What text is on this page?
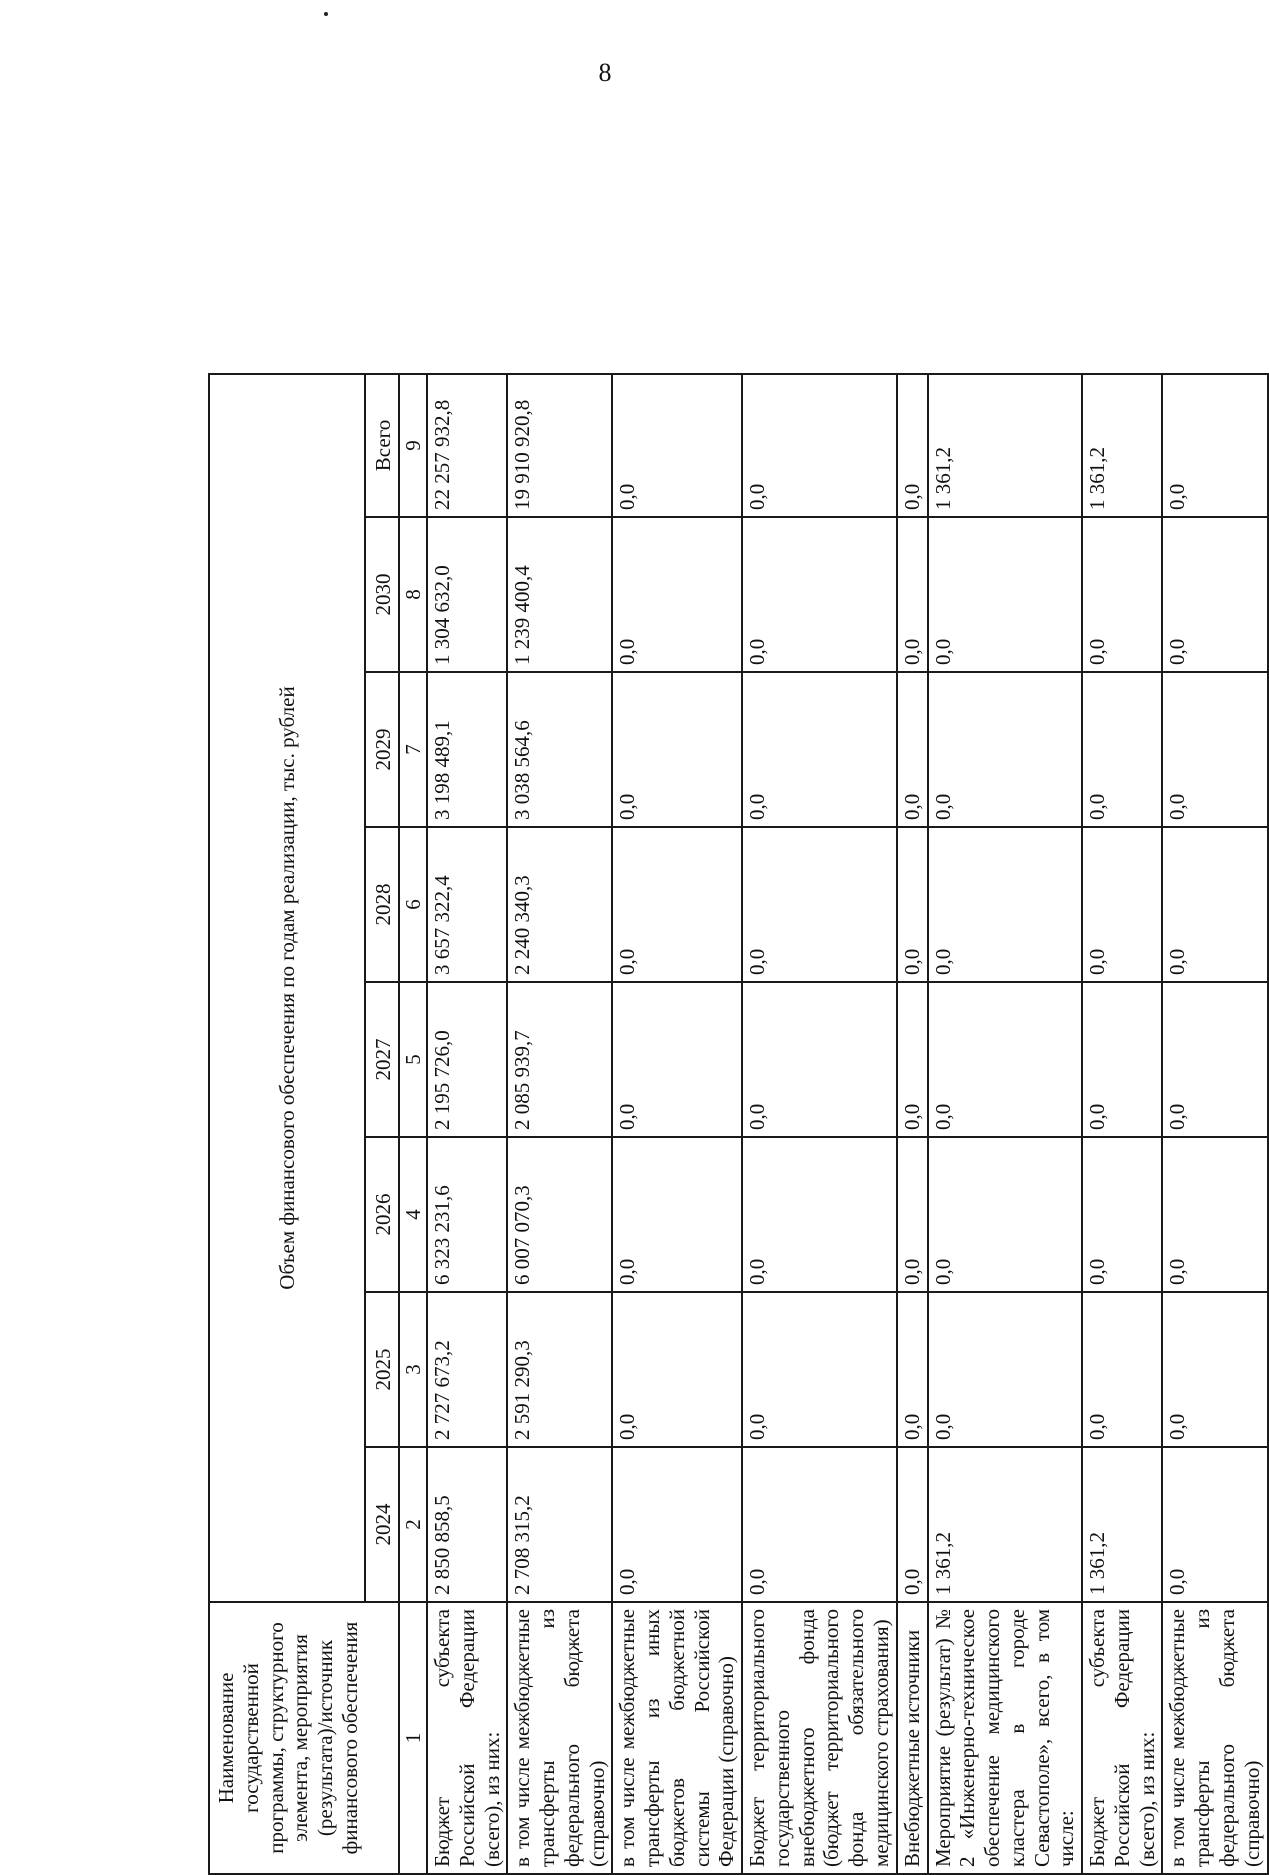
8
Наименование государственной программы, структурного элемента, мероприятия (результата)/источник финансового обеспечения	Объем финансового обеспечения по годам реализации, тыс. рублей							
	2024	2025	2026	2027	2028	2029	2030	Всего
1	2	3	4	5	6	7	8	9
Бюджет субъекта Российской Федерации (всего), из них:	2 850 858,5	2 727 673,2	6 323 231,6	2 195 726,0	3 657 322,4	3 198 489,1	1 304 632,0	22 257 932,8
в том числе межбюджетные трансферты из федерального бюджета (справочно)	2 708 315,2	2 591 290,3	6 007 070,3	2 085 939,7	2 240 340,3	3 038 564,6	1 239 400,4	19 910 920,8
в том числе межбюджетные трансферты из иных бюджетов бюджетной системы Российской Федерации (справочно)	0,0	0,0	0,0	0,0	0,0	0,0	0,0	0,0
Бюджет территориального государственного внебюджетного фонда (бюджет территориального фонда обязательного медицинского страхования)	0,0	0,0	0,0	0,0	0,0	0,0	0,0	0,0
Внебюджетные источники	0,0	0,0	0,0	0,0	0,0	0,0	0,0	0,0
Мероприятие (результат) № 2 «Инженерно-техническое обеспечение медицинского кластера в городе Севастополе», всего, в том числе:	1 361,2	0,0	0,0	0,0	0,0	0,0	0,0	1 361,2
Бюджет субъекта Российской Федерации (всего), из них:	1 361,2	0,0	0,0	0,0	0,0	0,0	0,0	1 361,2
в том числе межбюджетные трансферты из федерального бюджета (справочно)	0,0	0,0	0,0	0,0	0,0	0,0	0,0	0,0
